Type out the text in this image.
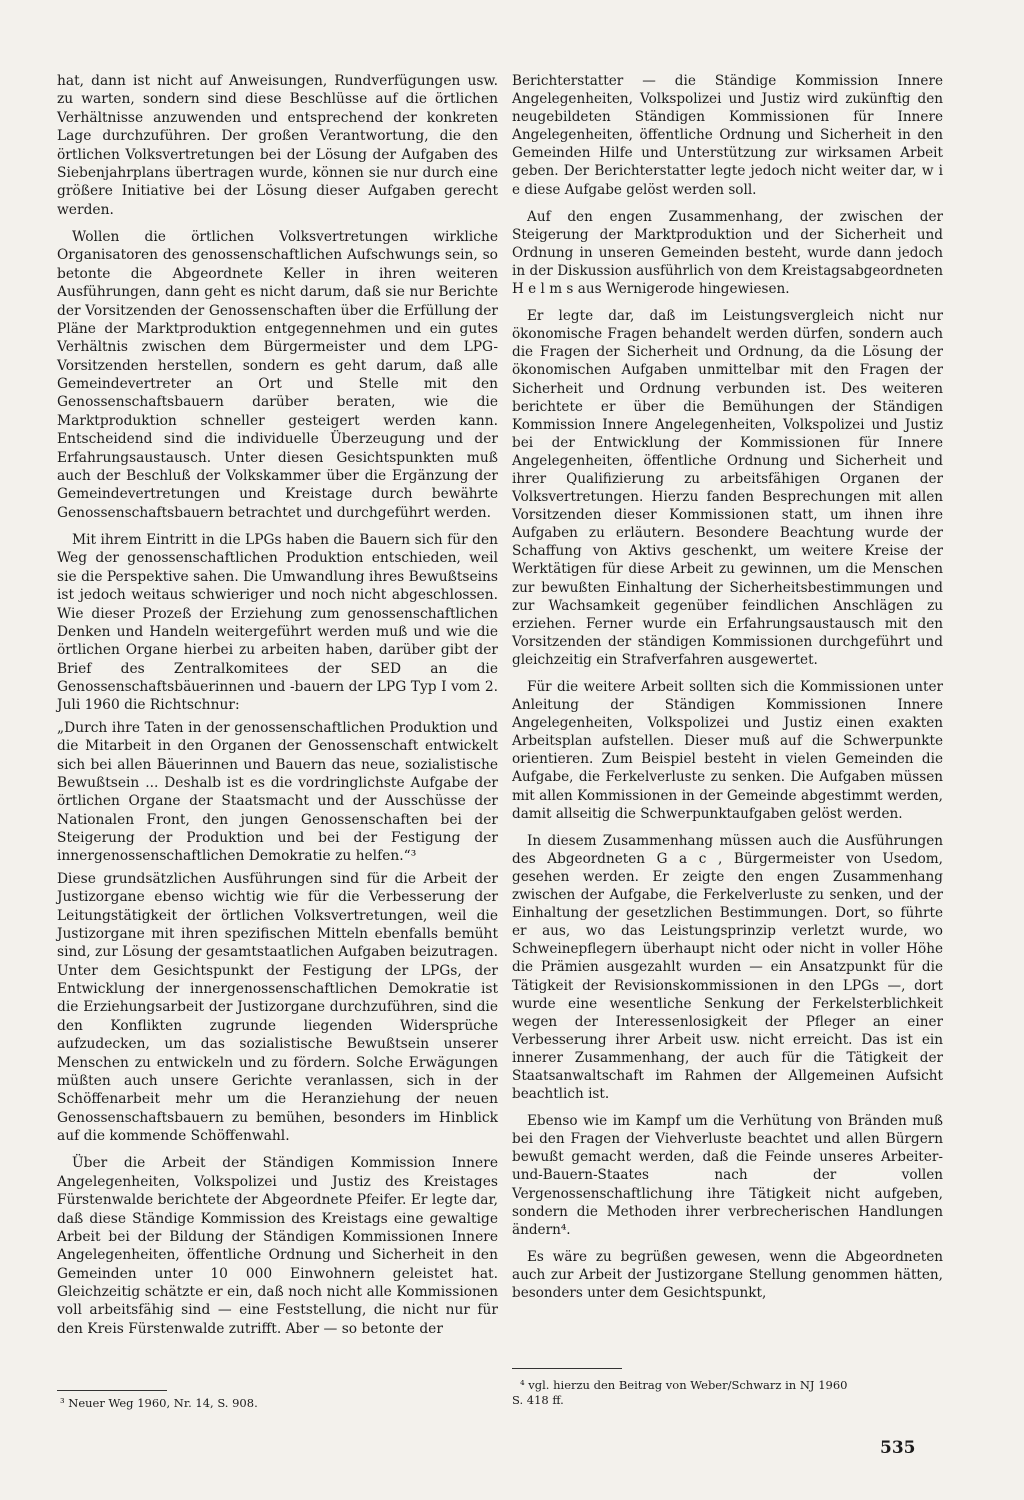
hat, dann ist nicht auf Anweisungen, Rundverfügungen usw. zu warten, sondern sind diese Beschlüsse auf die örtlichen Verhältnisse anzuwenden und entsprechend der konkreten Lage durchzuführen. Der großen Verantwortung, die den örtlichen Volksvertretungen bei der Lösung der Aufgaben des Siebenjahrplans übertragen wurde, können sie nur durch eine größere Initiative bei der Lösung dieser Aufgaben gerecht werden.

Wollen die örtlichen Volksvertretungen wirkliche Organisatoren des genossenschaftlichen Aufschwungs sein, so betonte die Abgeordnete Keller in ihren weiteren Ausführungen, dann geht es nicht darum, daß sie nur Berichte der Vorsitzenden der Genossenschaften über die Erfüllung der Pläne der Marktproduktion entgegennehmen und ein gutes Verhältnis zwischen dem Bürgermeister und dem LPG-Vorsitzenden herstellen, sondern es geht darum, daß alle Gemeindevertreter an Ort und Stelle mit den Genossenschaftsbauern darüber beraten, wie die Marktproduktion schneller gesteigert werden kann. Entscheidend sind die individuelle Überzeugung und der Erfahrungsaustausch. Unter diesen Gesichtspunkten muß auch der Beschluß der Volkskammer über die Ergänzung der Gemeindevertretungen und Kreistage durch bewährte Genossenschaftsbauern betrachtet und durchgeführt werden.

Mit ihrem Eintritt in die LPGs haben die Bauern sich für den Weg der genossenschaftlichen Produktion entschieden, weil sie die Perspektive sahen. Die Umwandlung ihres Bewußtseins ist jedoch weitaus schwieriger und noch nicht abgeschlossen. Wie dieser Prozeß der Erziehung zum genossenschaftlichen Denken und Handeln weitergeführt werden muß und wie die örtlichen Organe hierbei zu arbeiten haben, darüber gibt der Brief des Zentralkomitees der SED an die Genossenschaftsbäuerinnen und -bauern der LPG Typ I vom 2. Juli 1960 die Richtschnur:

„Durch ihre Taten in der genossenschaftlichen Produktion und die Mitarbeit in den Organen der Genossenschaft entwickelt sich bei allen Bäuerinnen und Bauern das neue, sozialistische Bewußtsein ... Deshalb ist es die vordringlichste Aufgabe der örtlichen Organe der Staatsmacht und der Ausschüsse der Nationalen Front, den jungen Genossenschaften bei der Steigerung der Produktion und bei der Festigung der innergenossenschaftlichen Demokratie zu helfen.“³

Diese grundsätzlichen Ausführungen sind für die Arbeit der Justizorgane ebenso wichtig wie für die Verbesserung der Leitungstätigkeit der örtlichen Volksvertretungen, weil die Justizorgane mit ihren spezifischen Mitteln ebenfalls bemüht sind, zur Lösung der gesamtstaatlichen Aufgaben beizutragen. Unter dem Gesichtspunkt der Festigung der LPGs, der Entwicklung der innergenossenschaftlichen Demokratie ist die Erziehungsarbeit der Justizorgane durchzuführen, sind die den Konflikten zugrunde liegenden Widersprüche aufzudecken, um das sozialistische Bewußtsein unserer Menschen zu entwickeln und zu fördern. Solche Erwägungen müßten auch unsere Gerichte veranlassen, sich in der Schöffenarbeit mehr um die Heranziehung der neuen Genossenschaftsbauern zu bemühen, besonders im Hinblick auf die kommende Schöffenwahl.

Über die Arbeit der Ständigen Kommission Innere Angelegenheiten, Volkspolizei und Justiz des Kreistages Fürstenwalde berichtete der Abgeordnete Pfeifer. Er legte dar, daß diese Ständige Kommission des Kreistags eine gewaltige Arbeit bei der Bildung der Ständigen Kommissionen Innere Angelegenheiten, öffentliche Ordnung und Sicherheit in den Gemeinden unter 10 000 Einwohnern geleistet hat. Gleichzeitig schätzte er ein, daß noch nicht alle Kommissionen voll arbeitsfähig sind — eine Feststellung, die nicht nur für den Kreis Fürstenwalde zutrifft. Aber — so betonte der

Berichterstatter — die Ständige Kommission Innere Angelegenheiten, Volkspolizei und Justiz wird zukünftig den neugebildeten Ständigen Kommissionen für Innere Angelegenheiten, öffentliche Ordnung und Sicherheit in den Gemeinden Hilfe und Unterstützung zur wirksamen Arbeit geben. Der Berichterstatter legte jedoch nicht weiter dar, w i e diese Aufgabe gelöst werden soll.

Auf den engen Zusammenhang, der zwischen der Steigerung der Marktproduktion und der Sicherheit und Ordnung in unseren Gemeinden besteht, wurde dann jedoch in der Diskussion ausführlich von dem Kreistagsabgeordneten H e l m s aus Wernigerode hingewiesen.

Er legte dar, daß im Leistungsvergleich nicht nur ökonomische Fragen behandelt werden dürfen, sondern auch die Fragen der Sicherheit und Ordnung, da die Lösung der ökonomischen Aufgaben unmittelbar mit den Fragen der Sicherheit und Ordnung verbunden ist. Des weiteren berichtete er über die Bemühungen der Ständigen Kommission Innere Angelegenheiten, Volkspolizei und Justiz bei der Entwicklung der Kommissionen für Innere Angelegenheiten, öffentliche Ordnung und Sicherheit und ihrer Qualifizierung zu arbeitsfähigen Organen der Volksvertretungen. Hierzu fanden Besprechungen mit allen Vorsitzenden dieser Kommissionen statt, um ihnen ihre Aufgaben zu erläutern. Besondere Beachtung wurde der Schaffung von Aktivs geschenkt, um weitere Kreise der Werktätigen für diese Arbeit zu gewinnen, um die Menschen zur bewußten Einhaltung der Sicherheitsbestimmungen und zur Wachsamkeit gegenüber feindlichen Anschlägen zu erziehen. Ferner wurde ein Erfahrungsaustausch mit den Vorsitzenden der ständigen Kommissionen durchgeführt und gleichzeitig ein Strafverfahren ausgewertet.

Für die weitere Arbeit sollten sich die Kommissionen unter Anleitung der Ständigen Kommissionen Innere Angelegenheiten, Volkspolizei und Justiz einen exakten Arbeitsplan aufstellen. Dieser muß auf die Schwerpunkte orientieren. Zum Beispiel besteht in vielen Gemeinden die Aufgabe, die Ferkelverluste zu senken. Die Aufgaben müssen mit allen Kommissionen in der Gemeinde abgestimmt werden, damit allseitig die Schwerpunktaufgaben gelöst werden.

In diesem Zusammenhang müssen auch die Ausführungen des Abgeordneten G a c , Bürgermeister von Usedom, gesehen werden. Er zeigte den engen Zusammenhang zwischen der Aufgabe, die Ferkelverluste zu senken, und der Einhaltung der gesetzlichen Bestimmungen. Dort, so führte er aus, wo das Leistungsprinzip verletzt wurde, wo Schweinepflegern überhaupt nicht oder nicht in voller Höhe die Prämien ausgezahlt wurden — ein Ansatzpunkt für die Tätigkeit der Revisionskommissionen in den LPGs —, dort wurde eine wesentliche Senkung der Ferkelsterblichkeit wegen der Interessenlosigkeit der Pfleger an einer Verbesserung ihrer Arbeit usw. nicht erreicht. Das ist ein innerer Zusammenhang, der auch für die Tätigkeit der Staatsanwaltschaft im Rahmen der Allgemeinen Aufsicht beachtlich ist.

Ebenso wie im Kampf um die Verhütung von Bränden muß bei den Fragen der Viehverluste beachtet und allen Bürgern bewußt gemacht werden, daß die Feinde unseres Arbeiter-und-Bauern-Staates nach der vollen Vergenossenschaftlichung ihre Tätigkeit nicht aufgeben, sondern die Methoden ihrer verbrecherischen Handlungen ändern⁴.

Es wäre zu begrüßen gewesen, wenn die Abgeordneten auch zur Arbeit der Justizorgane Stellung genommen hätten, besonders unter dem Gesichtspunkt,

³ Neuer Weg 1960, Nr. 14, S. 908.
⁴ vgl. hierzu den Beitrag von Weber/Schwarz in NJ 1960
S. 418 ff.
535
